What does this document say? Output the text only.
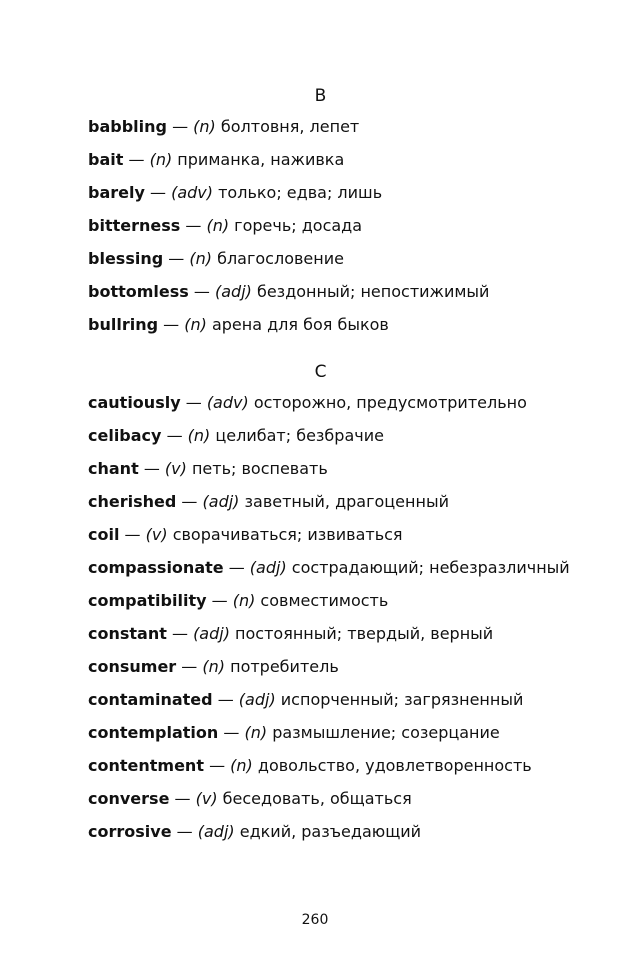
B
babbling — (n) болтовня, лепет
bait — (n) приманка, наживка
barely — (adv) только; едва; лишь
bitterness — (n) горечь; досада
blessing — (n) благословение
bottomless — (adj) бездонный; непостижимый
bullring — (n) арена для боя быков
C
cautiously — (adv) осторожно, предусмотрительно
celibacy — (n) целибат; безбрачие
chant — (v) петь; воспевать
cherished — (adj) заветный, драгоценный
coil — (v) сворачиваться; извиваться
compassionate — (adj) сострадающий; небезразличный
compatibility — (n) совместимость
constant — (adj) постоянный; твердый, верный
consumer — (n) потребитель
contaminated — (adj) испорченный; загрязненный
contemplation — (n) размышление; созерцание
contentment — (n) довольство, удовлетворенность
converse — (v) беседовать, общаться
corrosive — (adj) едкий, разъедающий
260
